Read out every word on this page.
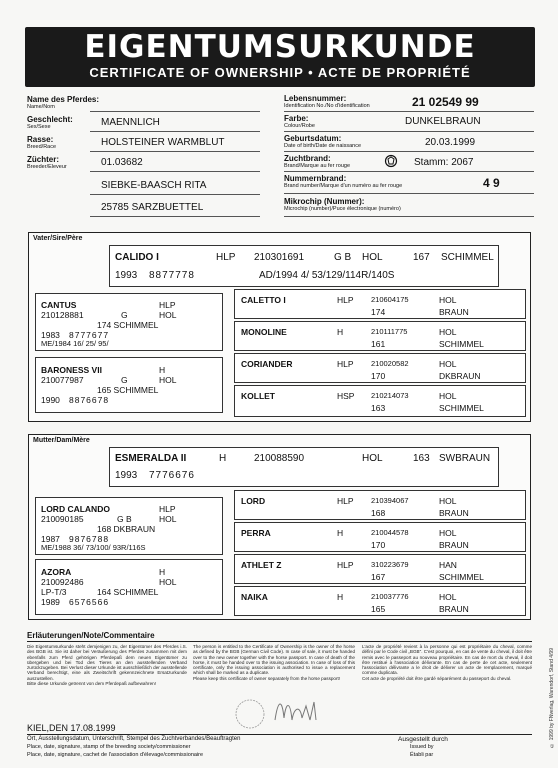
EIGENTUMSURKUNDE
CERTIFICATE OF OWNERSHIP • ACTE DE PROPRIÉTÉ
Name des Pferdes:
Name/Nom
Geschlecht:
Sex/Sexe	MAENNLICH
Rasse:
Breed/Race	HOLSTEINER WARMBLUT
Züchter:
Breeder/Eleveur	01.03682
SIEBKE-BAASCH RITA
25785 SARZBUETTEL
Lebensnummer:
Identification No./No d'identification	21 02549 99
Farbe:
Colour/Robe	DUNKELBRAUN
Geburtsdatum:
Date of birth/Date de naissance	20.03.1999
Zuchtbrand:
Brand/Marque au fer rouge	Stamm: 2067
Nummernbrand:
Brand number/Marque d'un numéro au fer rouge	4 9
Mikrochip (Nummer):
Microchip (number)/Puce électronique (numéro)
Vater/Sire/Père
CALIDO I	HLP 210301691	G B HOL	167 SCHIMMEL
1993 8877778	AD/1994 4/ 53/129/114R/140S
CANTUS	HLP
210128881	G	HOL
174 SCHIMMEL
1983 8777677
ME/1984 16/ 25/ 95/
BARONESS VII	H
210077987	G	HOL
165 SCHIMMEL
1990 8876678
CALETTO I	HLP 210604175	HOL
174	BRAUN
MONOLINE	H	210111775	HOL
161	SCHIMMEL
CORIANDER	HLP 210020582	HOL
170	DKBRAUN
KOLLET	HSP 210214073	HOL
163	SCHIMMEL
Mutter/Dam/Mère
ESMERALDA II	H	210088590	HOL	163 SWBRAUN
1993 7776676
LORD CALANDO	HLP
210090185	G B	HOL
168 DKBRAUN
1987 9876788
ME/1988 36/ 73/100/ 93R/116S
AZORA	H
210092486	HOL
LP-T/3	164 SCHIMMEL
1989 6576566
LORD	HLP 210394067	HOL
168	BRAUN
PERRA	H	210044578	HOL
170	BRAUN
ATHLET Z	HLP 310223679	HAN
167	SCHIMMEL
NAIKA	H	210037776	HOL
165	BRAUN
Erläuterungen/Note/Commentaire
Die Eigentumsurkunde steht demjenigen zu, der Eigentümer des Pferdes i.S. des BGB ist. Sie ist daher bei Veräußerung des Pferdes zusammen mit dem ebenfalls zum Pferd gehörigen Pferdepaß dem neuen Eigentümer zu übergeben und bei Tod des Tieres an den ausstellenden Verband zurückzugeben. Bei Verlust dieser Urkunde ist ausschließlich der ausstellende Verband berechtigt, eine als Zweitschrift gekennzeichnete Ersatzurkunde auszustellen.
Bitte diese Urkunde getrennt von dem Pferdepaß aufbewahren!
The person is entitled to the Certificate of Ownership is the owner of the horse as defined by the BGB (German Civil Code). In case of sale, it must be handed over to the new owner together with the horse passport. In case of death of the horse, it must be handed over to the issuing association. In case of loss of this certificate, only the issuing association is authorised to issue a replacement which shall be marked as a duplicate.
Please keep this certificate of owner separately from the horse passport!
L'acte de propriété revient à la personne qui est propriétaire du cheval, comme défini par le Code civil „BGB". C'est pourquoi, en cas de vente du cheval, il doit être remis avec le passeport au nouveau propriétaire. En cas de mort du cheval, il doit être restitué à l'association délivrante. En cas de perte de cet acte, seulement l'association délivrante a le droit de délivrer un acte de remplacement, marqué comme duplicata.
Cet acte de propriété doit être gardé séparément du passeport du cheval.
KIEL,DEN 17.08.1999
Ort, Ausstellungsdatum, Unterschrift, Stempel des Zuchtverbandes/Beauftragten
Place, date, signature, stamp of the breeding society/commissioner
Place, date, signature, cachet de l'association d'élevage/commissionaire
Ausgestellt durch
Issued by
Établi par
© 1999 by FNverlag, Warendorf, Stand 4/99
